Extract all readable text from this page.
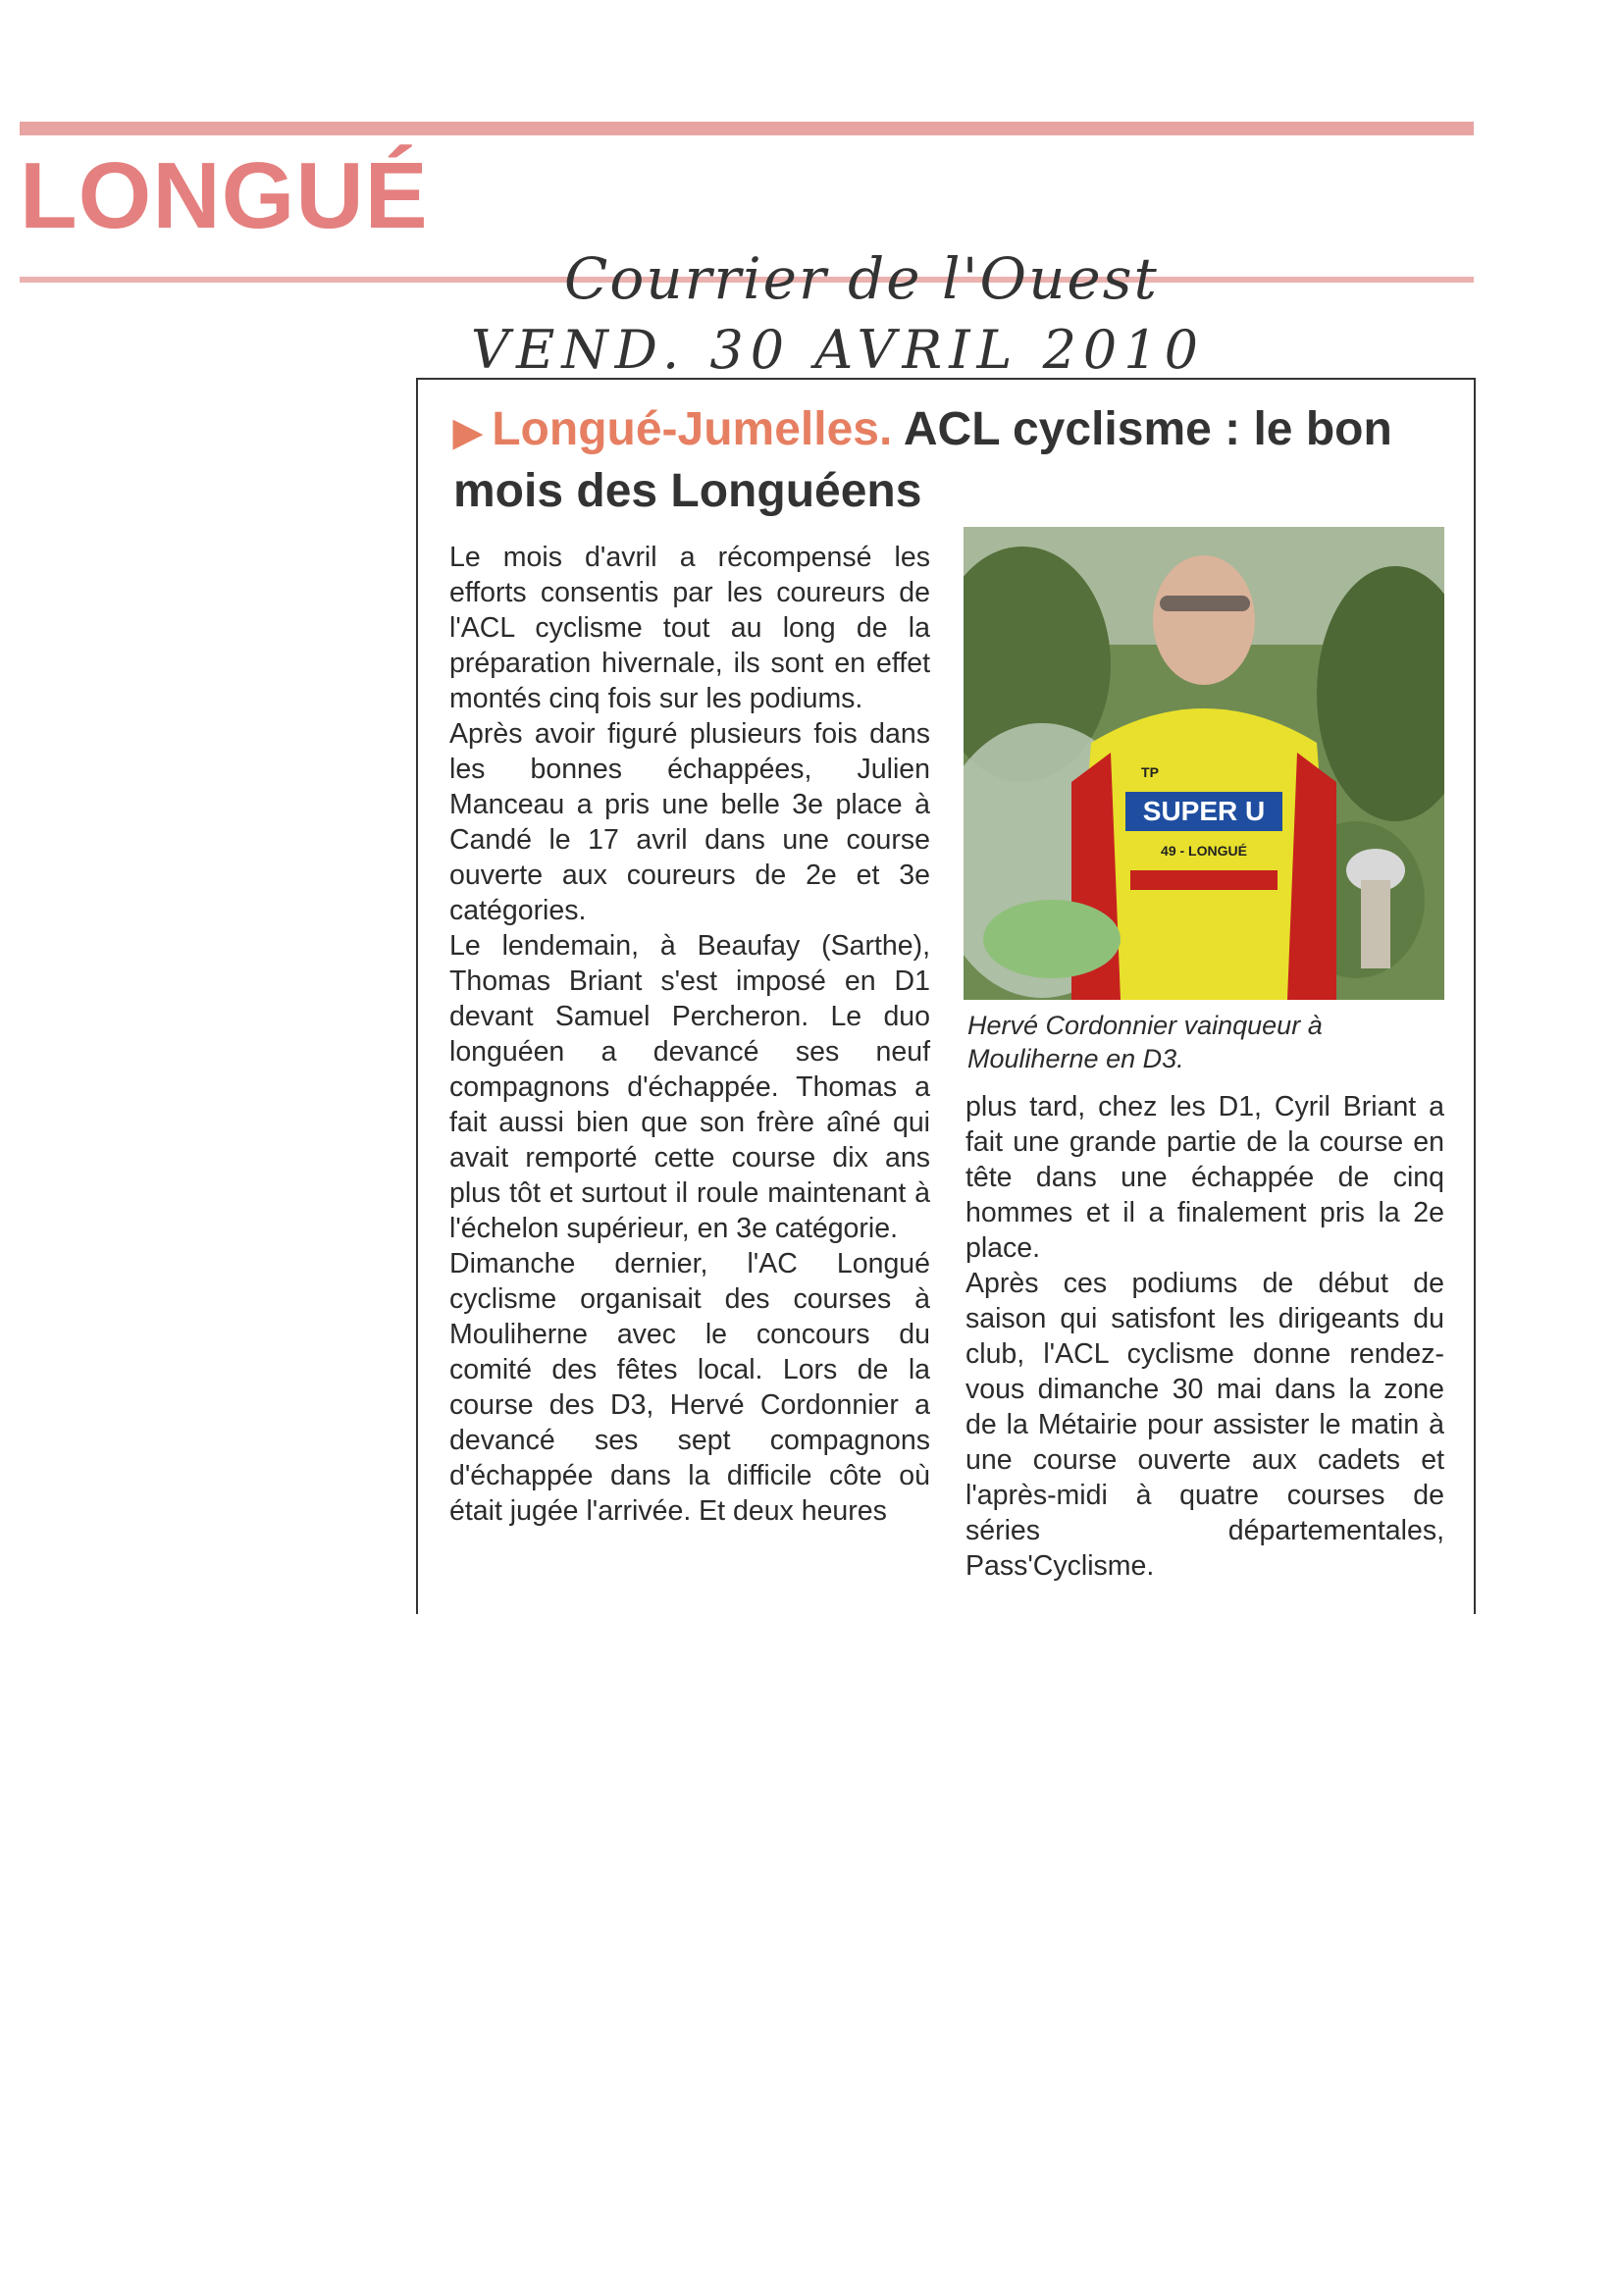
LONGUÉ
Courrier de l'Ouest
VEND. 30 AVRIL 2010
▶ Longué-Jumelles. ACL cyclisme : le bon mois des Longuéens

Le mois d'avril a récompensé les efforts consentis par les coureurs de l'ACL cyclisme tout au long de la préparation hivernale, ils sont en effet montés cinq fois sur les podiums.

Après avoir figuré plusieurs fois dans les bonnes échappées, Julien Manceau a pris une belle 3e place à Candé le 17 avril dans une course ouverte aux coureurs de 2e et 3e catégories.

Le lendemain, à Beaufay (Sarthe), Thomas Briant s'est imposé en D1 devant Samuel Percheron. Le duo longuéen a devancé ses neuf compagnons d'échappée. Thomas a fait aussi bien que son frère aîné qui avait remporté cette course dix ans plus tôt et surtout il roule maintenant à l'échelon supérieur, en 3e catégorie.

Dimanche dernier, l'AC Longué cyclisme organisait des courses à Mouliherne avec le concours du comité des fêtes local. Lors de la course des D3, Hervé Cordonnier a devancé ses sept compagnons d'échappée dans la difficile côte où était jugée l'arrivée. Et deux heures

SUPER U
49 - LONGUÉ
TP
Hervé Cordonnier vainqueur à Mouliherne en D3.

plus tard, chez les D1, Cyril Briant a fait une grande partie de la course en tête dans une échappée de cinq hommes et il a finalement pris la 2e place.

Après ces podiums de début de saison qui satisfont les dirigeants du club, l'ACL cyclisme donne rendez-vous dimanche 30 mai dans la zone de la Métairie pour assister le matin à une course ouverte aux cadets et l'après-midi à quatre courses de séries départementales, Pass'Cyclisme.
